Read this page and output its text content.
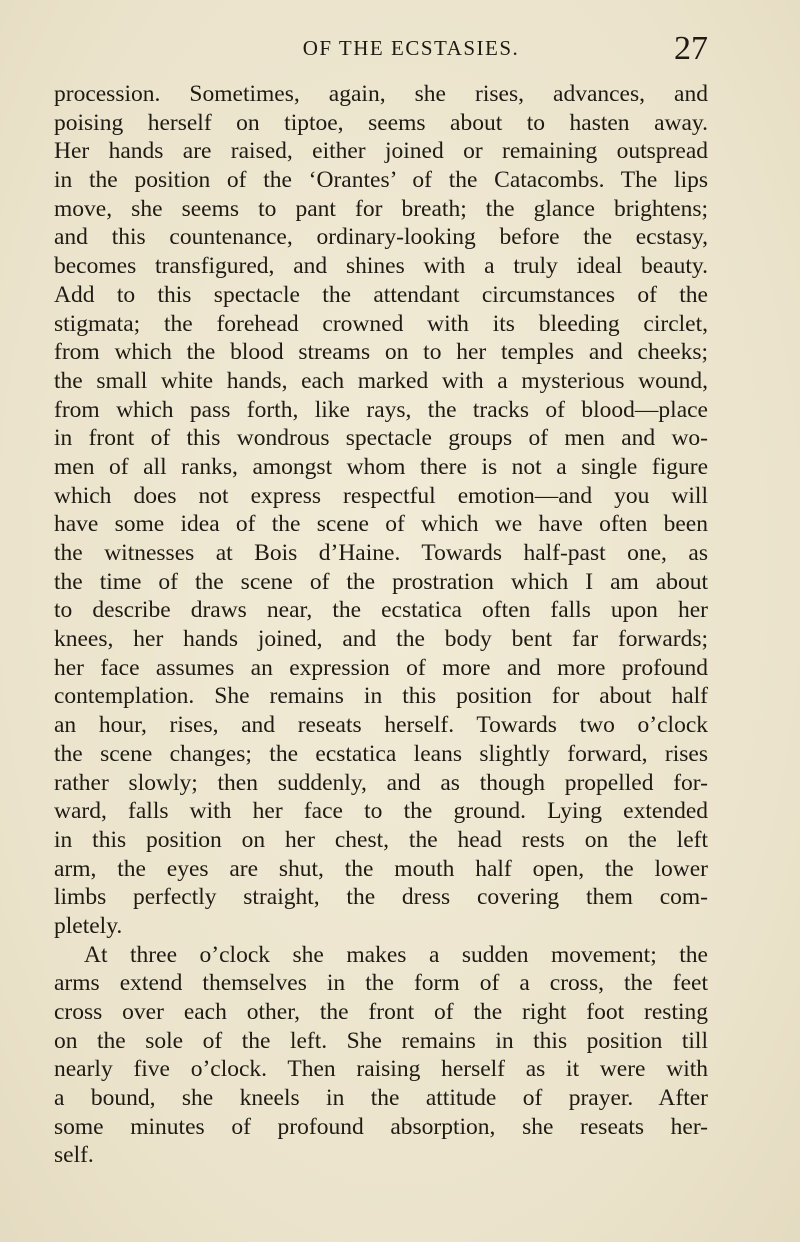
OF THE ECSTASIES.	27
procession. Sometimes, again, she rises, advances, and
poising herself on tiptoe, seems about to hasten away.
Her hands are raised, either joined or remaining outspread
in the position of the ‘Orantes’ of the Catacombs. The lips
move, she seems to pant for breath; the glance brightens;
and this countenance, ordinary-looking before the ecstasy,
becomes transfigured, and shines with a truly ideal beauty.
Add to this spectacle the attendant circumstances of the
stigmata; the forehead crowned with its bleeding circlet,
from which the blood streams on to her temples and cheeks;
the small white hands, each marked with a mysterious wound,
from which pass forth, like rays, the tracks of blood—place
in front of this wondrous spectacle groups of men and wo-
men of all ranks, amongst whom there is not a single figure
which does not express respectful emotion—and you will
have some idea of the scene of which we have often been
the witnesses at Bois d’Haine. Towards half-past one, as
the time of the scene of the prostration which I am about
to describe draws near, the ecstatica often falls upon her
knees, her hands joined, and the body bent far forwards;
her face assumes an expression of more and more profound
contemplation. She remains in this position for about half
an hour, rises, and reseats herself. Towards two o’clock
the scene changes; the ecstatica leans slightly forward, rises
rather slowly; then suddenly, and as though propelled for-
ward, falls with her face to the ground. Lying extended
in this position on her chest, the head rests on the left
arm, the eyes are shut, the mouth half open, the lower
limbs perfectly straight, the dress covering them com-
pletely.
At three o’clock she makes a sudden movement; the
arms extend themselves in the form of a cross, the feet
cross over each other, the front of the right foot resting
on the sole of the left. She remains in this position till
nearly five o’clock. Then raising herself as it were with
a bound, she kneels in the attitude of prayer. After
some minutes of profound absorption, she reseats her-
self.
